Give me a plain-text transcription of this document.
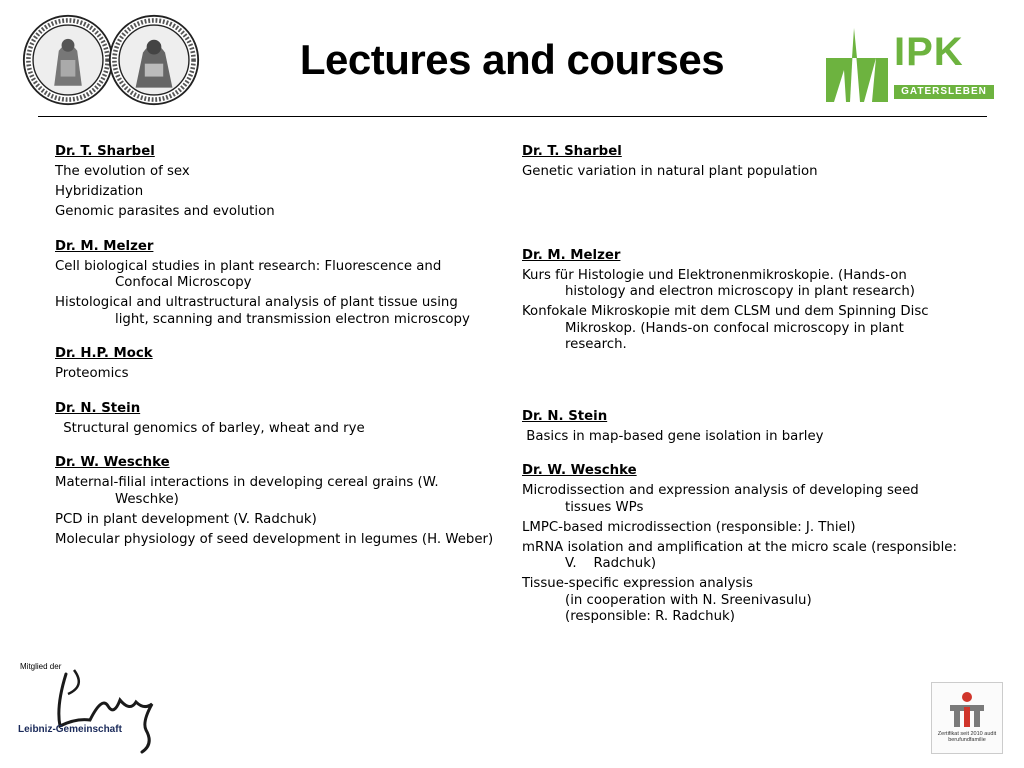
Lectures and courses	IPK
GATERSLEBEN
Dr. T. Sharbel
The evolution of sex
Hybridization
Genomic parasites and evolution
Dr. M. Melzer
Cell biological studies in plant research: Fluorescence and Confocal Microscopy
Histological and ultrastructural analysis of plant tissue using light, scanning and transmission electron microscopy
Dr. H.P. Mock
Proteomics
Dr. N. Stein
Structural genomics of barley, wheat and rye
Dr. W. Weschke
Maternal-filial interactions in developing cereal grains (W. Weschke)
PCD in plant development (V. Radchuk)
Molecular physiology of seed development in legumes (H. Weber)
Dr. T. Sharbel
Genetic variation in natural plant population
Dr. M. Melzer
Kurs für Histologie und Elektronenmikroskopie. (Hands-on histology and electron microscopy in plant research)
Konfokale Mikroskopie mit dem CLSM und dem Spinning Disc Mikroskop. (Hands-on confocal microscopy in plant research.
Dr. N. Stein
Basics in map-based gene isolation in barley
Dr. W. Weschke
Microdissection and expression analysis of developing seed tissues WPs
LMPC-based microdissection (responsible: J. Thiel)
mRNA isolation and amplification at the micro scale (responsible: V.    Radchuk)
Tissue-specific expression analysis
(in cooperation with N. Sreenivasulu)
(responsible: R. Radchuk)
Mitglied der
Leibniz-Gemeinschaft	Zertifikat seit 2010 audit berufundfamilie
